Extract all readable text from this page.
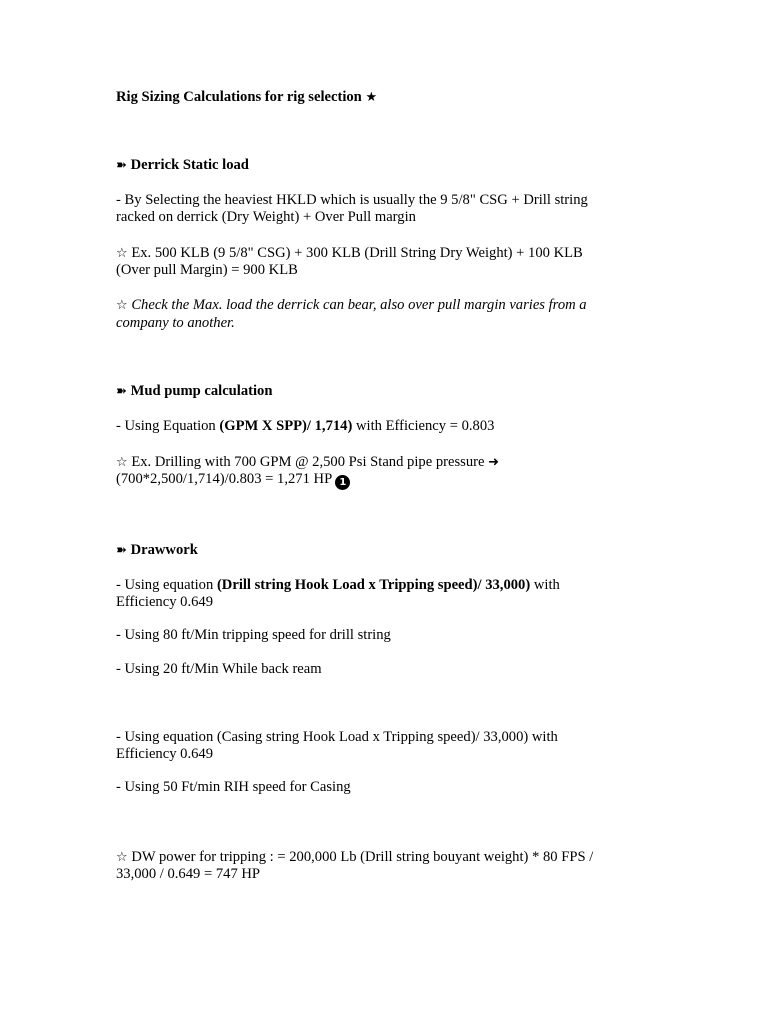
Rig Sizing Calculations for rig selection ★

➽ Derrick Static load

- By Selecting the heaviest HKLD which is usually the 9 5/8" CSG + Drill string

racked on derrick (Dry Weight) + Over Pull margin

☆ Ex. 500 KLB (9 5/8" CSG) + 300 KLB (Drill String Dry Weight) + 100 KLB

(Over pull Margin) = 900 KLB

☆ Check the Max. load the derrick can bear, also over pull margin varies from a

company to another.

➽ Mud pump calculation

- Using Equation (GPM X SPP)/ 1,714) with Efficiency = 0.803

☆ Ex. Drilling with 700 GPM @ 2,500 Psi Stand pipe pressure ➜

(700*2,500/1,714)/0.803 = 1,271 HP 1

➽ Drawwork

- Using equation (Drill string Hook Load x Tripping speed)/ 33,000) with

Efficiency 0.649

- Using 80 ft/Min tripping speed for drill string

- Using 20 ft/Min While back ream

- Using equation (Casing string Hook Load x Tripping speed)/ 33,000) with

Efficiency 0.649

- Using 50 Ft/min RIH speed for Casing

☆ DW power for tripping : = 200,000 Lb (Drill string bouyant weight) * 80 FPS /

33,000 / 0.649 = 747 HP
